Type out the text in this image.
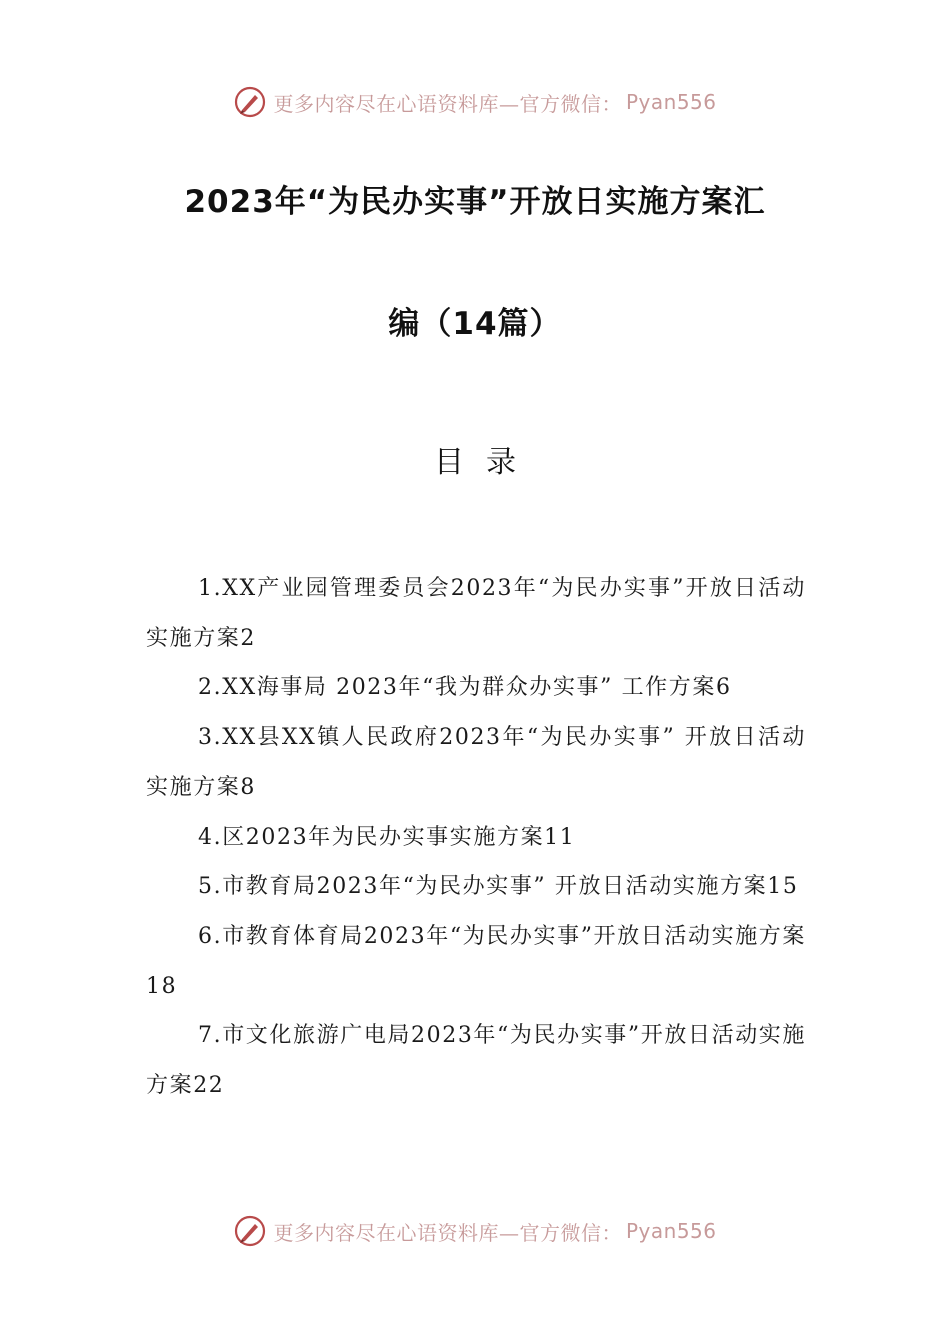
更多内容尽在心语资料库—官方微信： Pyan556
2023年“为民办实事”开放日实施方案汇
编（14篇）
目录

1.XX产业园管理委员会2023年“为民办实事”开放日活动实施方案2

2.XX海事局 2023年“我为群众办实事” 工作方案6

3.XX县XX镇人民政府2023年“为民办实事” 开放日活动实施方案8

4.区2023年为民办实事实施方案11

5.市教育局2023年“为民办实事” 开放日活动实施方案15

6.市教育体育局2023年“为民办实事”开放日活动实施方案18

7.市文化旅游广电局2023年“为民办实事”开放日活动实施方案22

更多内容尽在心语资料库—官方微信： Pyan556
